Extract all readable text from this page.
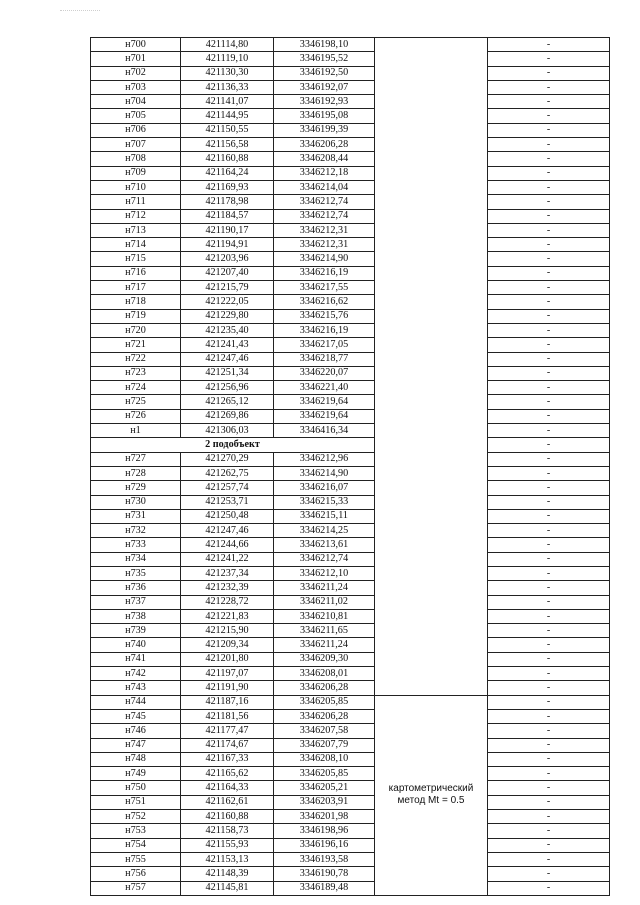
н700	421114,80	3346198,10		-
н701	421119,10	3346195,52		-
н702	421130,30	3346192,50		-
н703	421136,33	3346192,07		-
н704	421141,07	3346192,93		-
н705	421144,95	3346195,08		-
н706	421150,55	3346199,39		-
н707	421156,58	3346206,28		-
н708	421160,88	3346208,44		-
н709	421164,24	3346212,18		-
н710	421169,93	3346214,04		-
н711	421178,98	3346212,74		-
н712	421184,57	3346212,74		-
н713	421190,17	3346212,31		-
н714	421194,91	3346212,31		-
н715	421203,96	3346214,90		-
н716	421207,40	3346216,19		-
н717	421215,79	3346217,55		-
н718	421222,05	3346216,62		-
н719	421229,80	3346215,76		-
н720	421235,40	3346216,19		-
н721	421241,43	3346217,05		-
н722	421247,46	3346218,77		-
н723	421251,34	3346220,07		-
н724	421256,96	3346221,40		-
н725	421265,12	3346219,64		-
н726	421269,86	3346219,64		-
н1	421306,03	3346416,34		-
2 подобъект				-
н727	421270,29	3346212,96		-
н728	421262,75	3346214,90		-
н729	421257,74	3346216,07		-
н730	421253,71	3346215,33		-
н731	421250,48	3346215,11		-
н732	421247,46	3346214,25		-
н733	421244,66	3346213,61		-
н734	421241,22	3346212,74		-
н735	421237,34	3346212,10		-
н736	421232,39	3346211,24		-
н737	421228,72	3346211,02		-
н738	421221,83	3346210,81		-
н739	421215,90	3346211,65		-
н740	421209,34	3346211,24		-
н741	421201,80	3346209,30		-
н742	421197,07	3346208,01		-
н743	421191,90	3346206,28		-
н744	421187,16	3346205,85	картометрический метод Mt = 0.5	-
н745	421181,56	3346206,28		-
н746	421177,47	3346207,58		-
н747	421174,67	3346207,79		-
н748	421167,33	3346208,10		-
н749	421165,62	3346205,85		-
н750	421164,33	3346205,21		-
н751	421162,61	3346203,91		-
н752	421160,88	3346201,98		-
н753	421158,73	3346198,96		-
н754	421155,93	3346196,16		-
н755	421153,13	3346193,58		-
н756	421148,39	3346190,78		-
н757	421145,81	3346189,48		-
